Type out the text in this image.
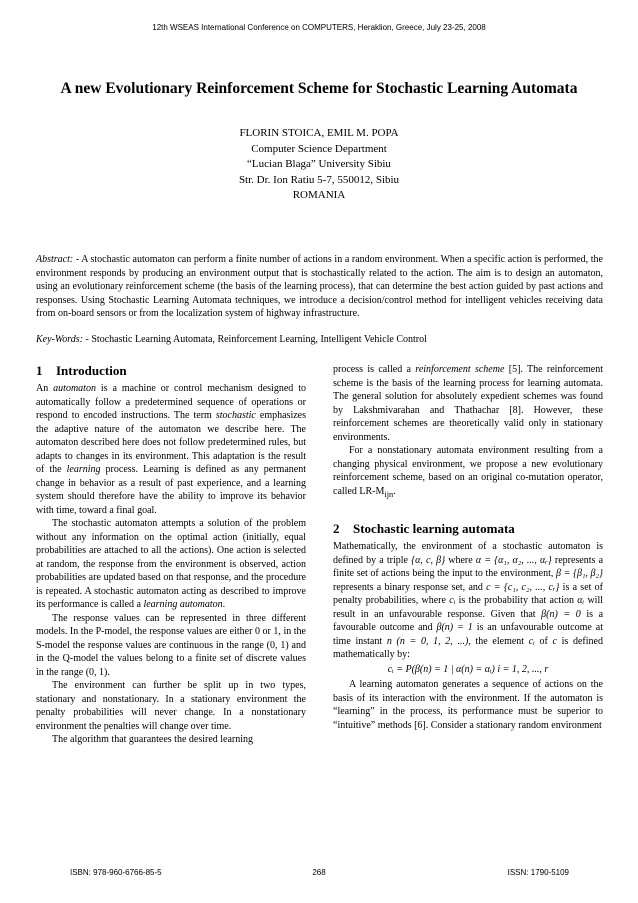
12th WSEAS International Conference on COMPUTERS, Heraklion, Greece, July 23-25, 2008
A new Evolutionary Reinforcement Scheme for Stochastic Learning Automata
FLORIN STOICA, EMIL M. POPA
Computer Science Department
“Lucian Blaga” University Sibiu
Str. Dr. Ion Ratiu 5-7, 550012, Sibiu
ROMANIA

Abstract: - A stochastic automaton can perform a finite number of actions in a random environment. When a specific action is performed, the environment responds by producing an environment output that is stochastically related to the action. The aim is to design an automaton, using an evolutionary reinforcement scheme (the basis of the learning process), that can determine the best action guided by past actions and responses. Using Stochastic Learning Automata techniques, we introduce a decision/control method for intelligent vehicles receiving data from on-board sensors or from the localization system of highway infrastructure.

Key-Words: - Stochastic Learning Automata, Reinforcement Learning, Intelligent Vehicle Control

1 Introduction

An automaton is a machine or control mechanism designed to automatically follow a predetermined sequence of operations or respond to encoded instructions. The term stochastic emphasizes the adaptive nature of the automaton we describe here. The automaton described here does not follow predetermined rules, but adapts to changes in its environment. This adaptation is the result of the learning process. Learning is defined as any permanent change in behavior as a result of past experience, and a learning system should therefore have the ability to improve its behavior with time, toward a final goal.

The stochastic automaton attempts a solution of the problem without any information on the optimal action (initially, equal probabilities are attached to all the actions). One action is selected at random, the response from the environment is observed, action probabilities are updated based on that response, and the procedure is repeated. A stochastic automaton acting as described to improve its performance is called a learning automaton.

The response values can be represented in three different models. In the P-model, the response values are either 0 or 1, in the S-model the response values are continuous in the range (0, 1) and in the Q-model the values belong to a finite set of discrete values in the range (0, 1).

The environment can further be split up in two types, stationary and nonstationary. In a stationary environment the penalty probabilities will never change. In a nonstationary environment the penalties will change over time.

The algorithm that guarantees the desired learning

process is called a reinforcement scheme [5]. The reinforcement scheme is the basis of the learning process for learning automata. The general solution for absolutely expedient schemes was found by Lakshmivarahan and Thathachar [8]. However, these reinforcement schemes are theoretically valid only in stationary environments.

For a nonstationary automata environment resulting from a changing physical environment, we propose a new evolutionary reinforcement scheme, based on an original co-mutation operator, called $LR-M_{ijn}$.

2 Stochastic learning automata

Mathematically, the environment of a stochastic automaton is defined by a triple {α, c, β} where α = {α₁, α₂, ..., αᵣ} represents a finite set of actions being the input to the environment, β = {β₁, β₂} represents a binary response set, and c = {c₁, c₂, ..., cᵣ} is a set of penalty probabilities, where cᵢ is the probability that action αᵢ will result in an unfavourable response. Given that β(n) = 0 is a favourable outcome and β(n) = 1 is an unfavourable outcome at time instant n (n = 0, 1, 2, ...), the element cᵢ of c is defined mathematically by:

cᵢ = P(β(n) = 1 | α(n) = αᵢ) i = 1, 2, ..., r

A learning automaton generates a sequence of actions on the basis of its interaction with the environment. If the automaton is “learning” in the process, its performance must be superior to “intuitive” methods [6]. Consider a stationary random environment

ISBN: 978-960-6766-85-5	268	ISSN: 1790-5109
